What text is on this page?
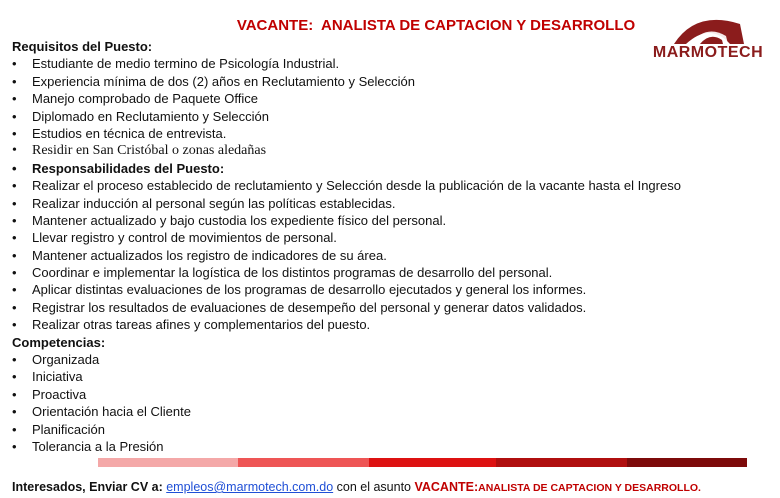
VACANTE:  ANALISTA DE CAPTACION Y DESARROLLO
MARMOTECH
Requisitos del Puesto:
• Estudiante de medio termino de Psicología Industrial.
• Experiencia mínima de dos (2) años en Reclutamiento y Selección
• Manejo comprobado de Paquete Office
• Diplomado en Reclutamiento y Selección
• Estudios en técnica de entrevista.
• Residir en San Cristóbal o zonas aledañas
• Responsabilidades del Puesto:
• Realizar el proceso establecido de reclutamiento y Selección desde la publicación de la vacante hasta el Ingreso
• Realizar inducción al personal según las políticas establecidas.
• Mantener actualizado y bajo custodia los expediente físico del personal.
• Llevar registro y control de movimientos de personal.
• Mantener actualizados los registro de indicadores de su área.
• Coordinar e implementar la logística de los distintos programas de desarrollo del personal.
• Aplicar distintas evaluaciones de los programas de desarrollo ejecutados y general los informes.
• Registrar los resultados de evaluaciones de desempeño del personal y generar datos validados.
• Realizar otras tareas afines y complementarios del puesto.
Competencias:
• Organizada
• Iniciativa
• Proactiva
• Orientación hacia el Cliente
• Planificación
• Tolerancia a la Presión
Interesados, Enviar CV a: empleos@marmotech.com.do con el asunto VACANTE:ANALISTA DE CAPTACION Y DESARROLLO.
